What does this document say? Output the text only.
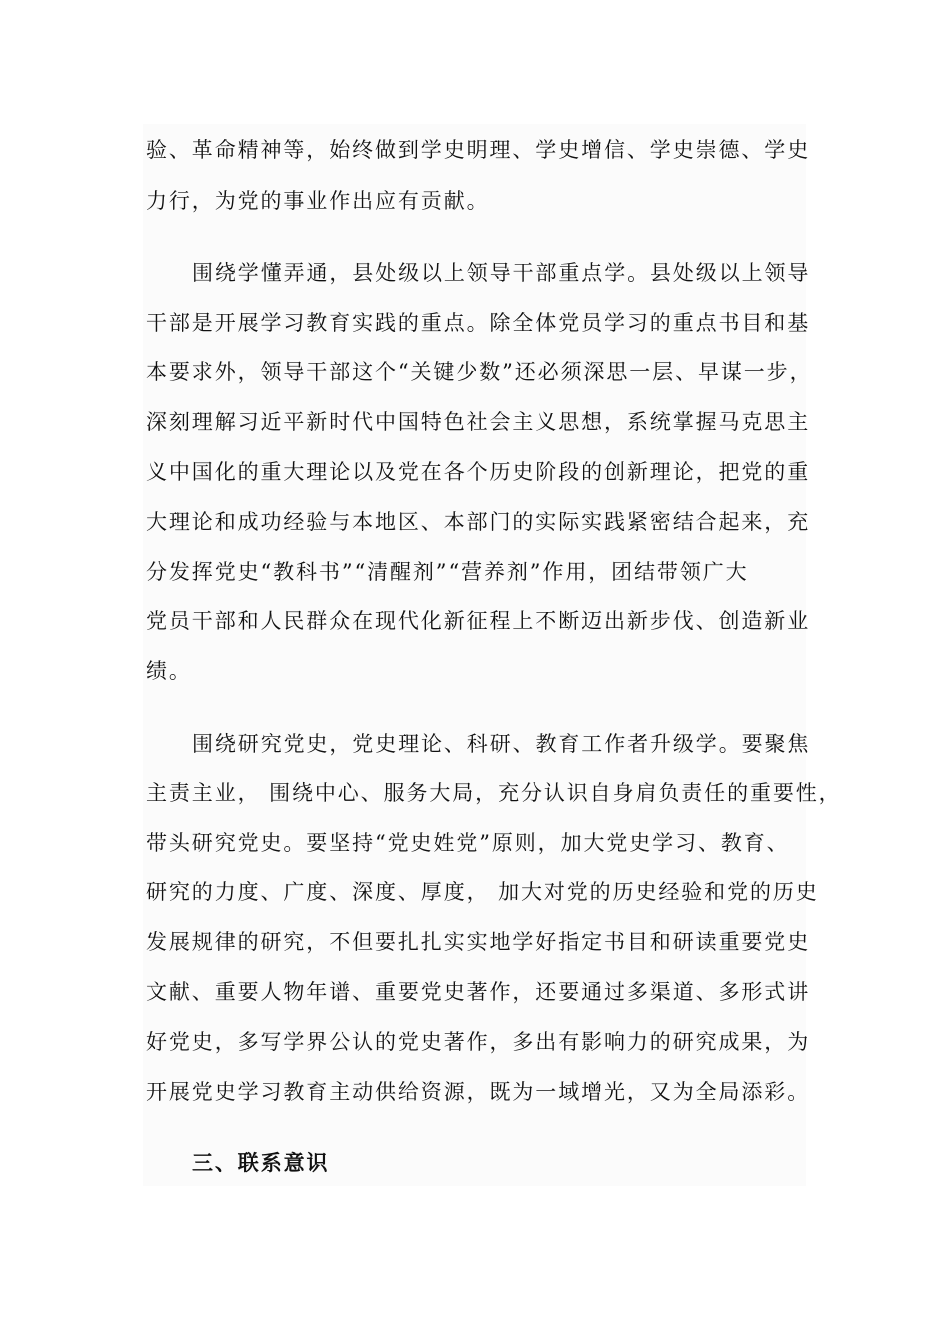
验、革命精神等，始终做到学史明理、学史增信、学史崇德、学史
力行，为党的事业作出应有贡献。
围绕学懂弄通，县处级以上领导干部重点学。县处级以上领导
干部是开展学习教育实践的重点。除全体党员学习的重点书目和基
本要求外，领导干部这个“关键少数”还必须深思一层、早谋一步，
深刻理解习近平新时代中国特色社会主义思想，系统掌握马克思主
义中国化的重大理论以及党在各个历史阶段的创新理论，把党的重
大理论和成功经验与本地区、本部门的实际实践紧密结合起来，充
分发挥党史“教科书”“清醒剂”“营养剂”作用，团结带领广大
党员干部和人民群众在现代化新征程上不断迈出新步伐、创造新业
绩。
围绕研究党史，党史理论、科研、教育工作者升级学。要聚焦
主责主业， 围绕中心、服务大局，充分认识自身肩负责任的重要性，
带头研究党史。要坚持“党史姓党”原则，加大党史学习、教育、
研究的力度、广度、深度、厚度， 加大对党的历史经验和党的历史
发展规律的研究，不但要扎扎实实地学好指定书目和研读重要党史
文献、重要人物年谱、重要党史著作，还要通过多渠道、多形式讲
好党史，多写学界公认的党史著作，多出有影响力的研究成果，为
开展党史学习教育主动供给资源，既为一域增光，又为全局添彩。
三、联系意识
